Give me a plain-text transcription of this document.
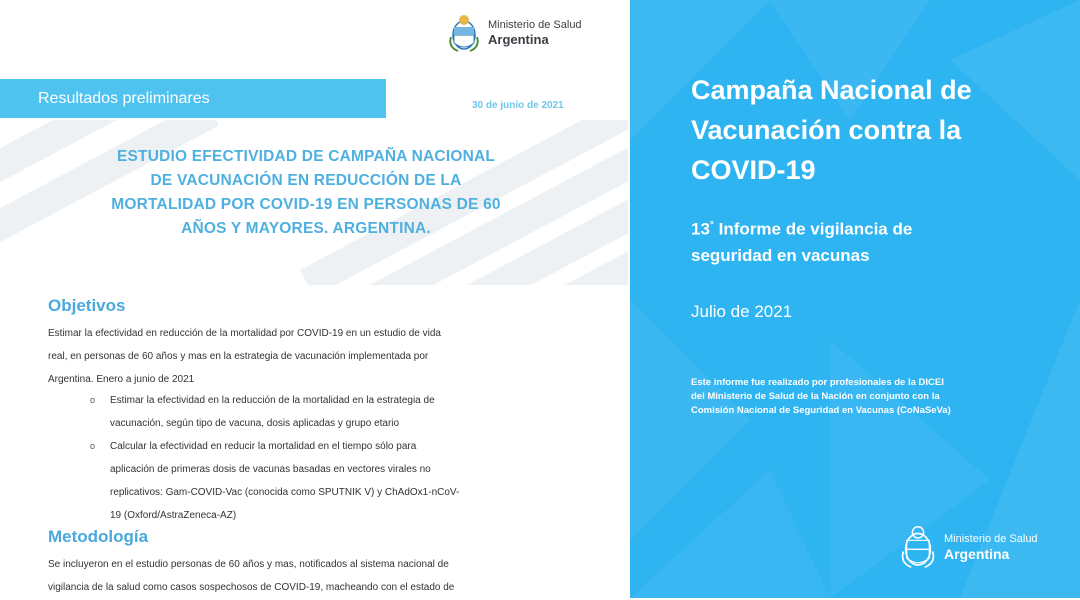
Ministerio de Salud
Argentina
Resultados preliminares	30 de junio de 2021
ESTUDIO EFECTIVIDAD DE CAMPAÑA NACIONAL
DE VACUNACIÓN EN REDUCCIÓN DE LA
MORTALIDAD POR COVID-19 EN PERSONAS DE 60
AÑOS Y MAYORES. ARGENTINA.
Objetivos
Estimar la efectividad en reducción de la mortalidad por COVID-19 en un estudio de vida
real, en personas de 60 años y mas en la estrategia de vacunación implementada por
Argentina. Enero a junio de 2021
o Estimar la efectividad en la reducción de la mortalidad en la estrategia de
vacunación, según tipo de vacuna, dosis aplicadas y grupo etario
o Calcular la efectividad en reducir la mortalidad en el tiempo sólo para
aplicación de primeras dosis de vacunas basadas en vectores virales no
replicativos: Gam-COVID-Vac (conocida como SPUTNIK V) y ChAdOx1-nCoV-
19 (Oxford/AstraZeneca-AZ)
Metodología
Se incluyeron en el estudio personas de 60 años y mas, notificados al sistema nacional de
vigilancia de la salud como casos sospechosos de COVID-19, macheando con el estado de
Campaña Nacional de
Vacunación contra la
COVID-19
13° Informe de vigilancia de
seguridad en vacunas
Julio de 2021
Este informe fue realizado por profesionales de la DICEI
del Ministerio de Salud de la Nación en conjunto con la
Comisión Nacional de Seguridad en Vacunas (CoNaSeVa)
Ministerio de Salud
Argentina
